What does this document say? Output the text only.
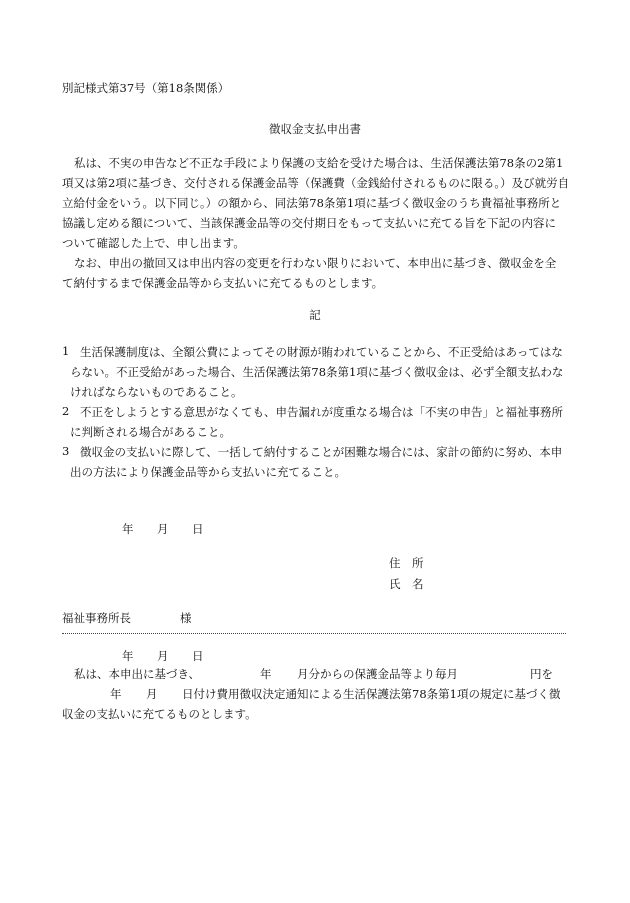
別記様式第37号（第18条関係）
徴収金支払申出書
私は、不実の申告など不正な手段により保護の支給を受けた場合は、生活保護法第78条の2第1
項又は第2項に基づき、交付される保護金品等（保護費（金銭給付されるものに限る。）及び就労自
立給付金をいう。以下同じ。）の額から、同法第78条第1項に基づく徴収金のうち貴福祉事務所と
協議し定める額について、当該保護金品等の交付期日をもって支払いに充てる旨を下記の内容に
ついて確認した上で、申し出ます。
なお、申出の撤回又は申出内容の変更を行わない限りにおいて、本申出に基づき、徴収金を全
て納付するまで保護金品等から支払いに充てるものとします。
記
1 生活保護制度は、全額公費によってその財源が賄われていることから、不正受給はあってはな
らない。不正受給があった場合、生活保護法第78条第1項に基づく徴収金は、必ず全額支払わな
ければならないものであること。
2 不正をしようとする意思がなくても、申告漏れが度重なる場合は「不実の申告」と福祉事務所
に判断される場合があること。
3 徴収金の支払いに際して、一括して納付することが困難な場合には、家計の節約に努め、本申
出の方法により保護金品等から支払いに充てること。
年 月 日
住　所
氏　名
福祉事務所長	様
年 月 日
私は、本申出に基づき、	年 月分からの保護金品等より毎月	円を
年 月 日付け費用徴収決定通知による生活保護法第78条第1項の規定に基づく徴
収金の支払いに充てるものとします。
